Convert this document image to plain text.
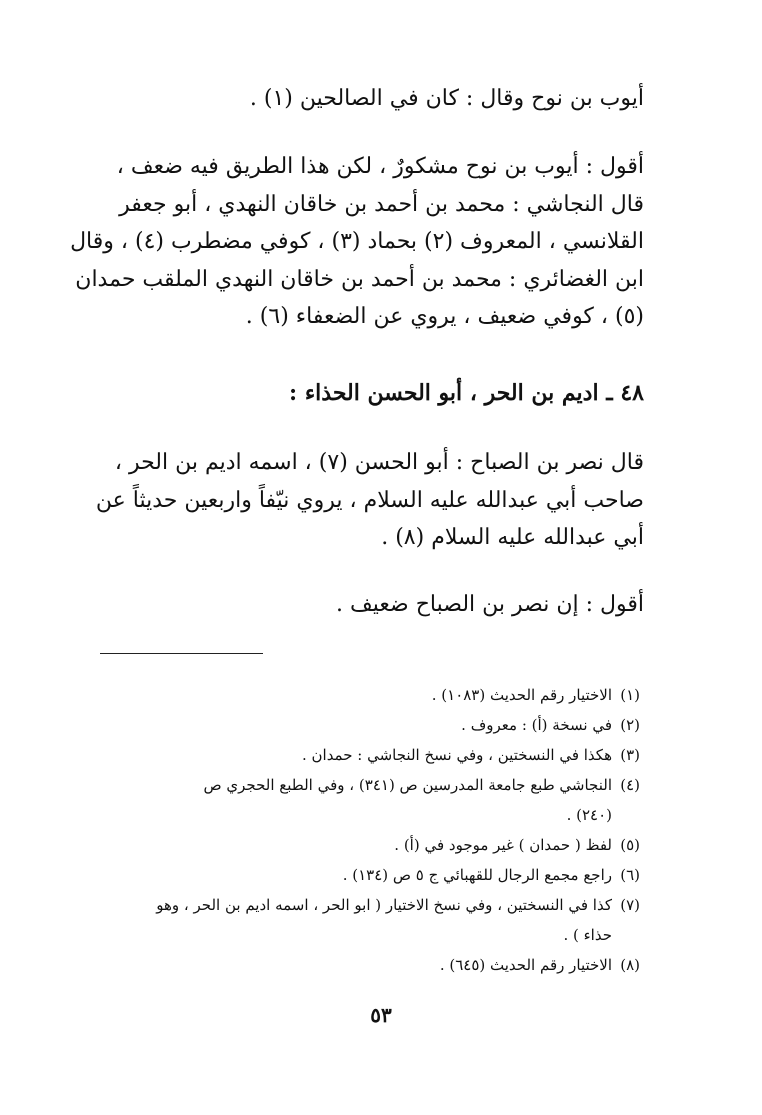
أيوب بن نوح وقال : كان في الصالحين (١) .

أقول : أيوب بن نوح مشكورٌ ، لكن هذا الطريق فيه ضعف ،
قال النجاشي : محمد بن أحمد بن خاقان النهدي ، أبو جعفر
القلانسي ، المعروف (٢) بحماد (٣) ، كوفي مضطرب (٤) ، وقال
ابن الغضائري : محمد بن أحمد بن خاقان النهدي الملقب حمدان
(٥) ، كوفي ضعيف ، يروي عن الضعفاء (٦) .

٤٨ ـ اديم بن الحر ، أبو الحسن الحذاء :

قال نصر بن الصباح : أبو الحسن (٧) ، اسمه اديم بن الحر ،
صاحب أبي عبدالله عليه السلام ، يروي نيّفاً واربعين حديثاً عن
أبي عبدالله عليه السلام (٨) .

أقول : إن نصر بن الصباح ضعيف .

(١)
الاختيار رقم الحديث (١٠٨٣) .
(٢)
في نسخة (أ) : معروف .
(٣)
هكذا في النسختين ، وفي نسخ النجاشي : حمدان .
(٤)
النجاشي طبع جامعة المدرسين ص (٣٤١) ، وفي الطبع الحجري ص
(٢٤٠) .
(٥)
لفظ ( حمدان ) غير موجود في (أ) .
(٦)
راجع مجمع الرجال للقهبائي ج ٥ ص (١٣٤) .
(٧)
كذا في النسختين ، وفي نسخ الاختيار ( ابو الحر ، اسمه اديم بن الحر ، وهو
حذاء ) .
(٨)
الاختيار رقم الحديث (٦٤٥) .
٥٣
